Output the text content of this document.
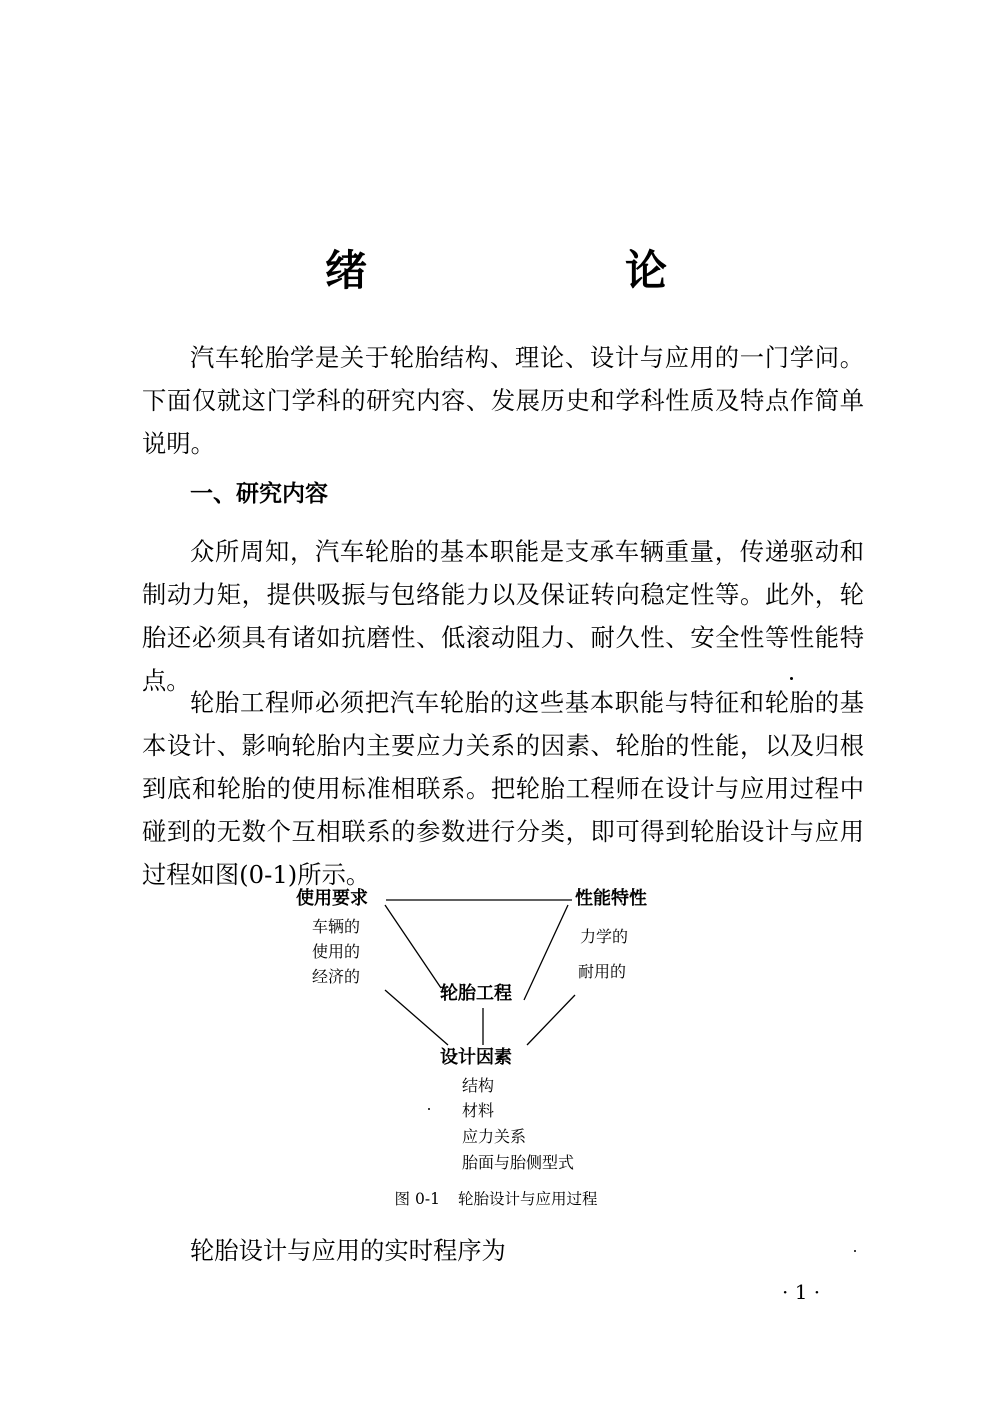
绪　论

汽车轮胎学是关于轮胎结构、理论、设计与应用的一门学问。下面仅就这门学科的研究内容、发展历史和学科性质及特点作简单说明。

一、研究内容

众所周知，汽车轮胎的基本职能是支承车辆重量，传递驱动和制动力矩，提供吸振与包络能力以及保证转向稳定性等。此外，轮胎还必须具有诸如抗磨性、低滚动阻力、耐久性、安全性等性能特点。

轮胎工程师必须把汽车轮胎的这些基本职能与特征和轮胎的基本设计、影响轮胎内主要应力关系的因素、轮胎的性能，以及归根到底和轮胎的使用标准相联系。把轮胎工程师在设计与应用过程中碰到的无数个互相联系的参数进行分类，即可得到轮胎设计与应用过程如图(0-1)所示。

使用要求
车辆的
使用的
经济的
性能特性
力学的
耐用的
轮胎工程
设计因素
结构
材料
应力关系
胎面与胎侧型式
图 0-1 轮胎设计与应用过程

轮胎设计与应用的实时程序为

· 1 ·
